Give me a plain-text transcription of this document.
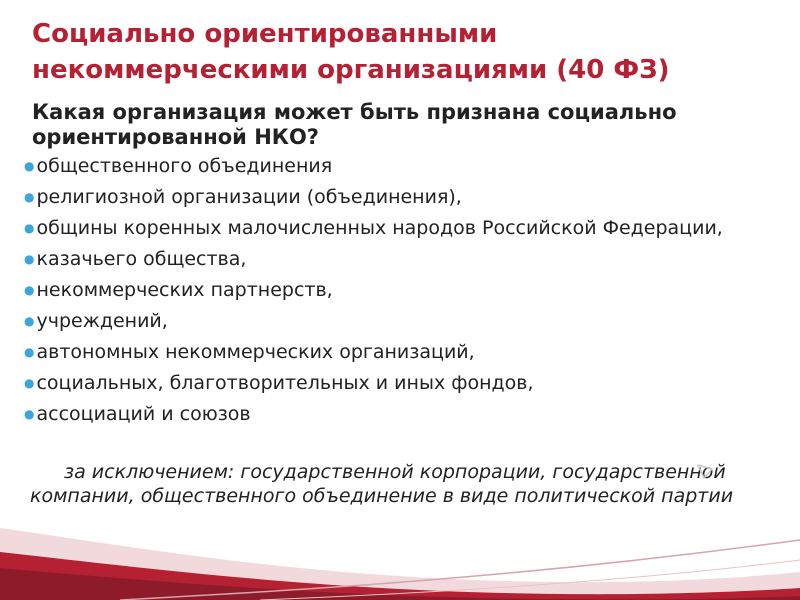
Социально ориентированными
некоммерческими организациями (40 ФЗ)

Какая организация может быть признана социально ориентированной НКО?

● общественного объединения
● религиозной организации (объединения),
● общины коренных малочисленных народов Российской Федерации,
● казачьего общества,
● некоммерческих партнерств,
● учреждений,
● автономных некоммерческих организаций,
● социальных, благотворительных и иных фондов,
● ассоциаций и союзов

за исключением: государственной корпорации, государственной компании, общественного объединение в виде политической партии
